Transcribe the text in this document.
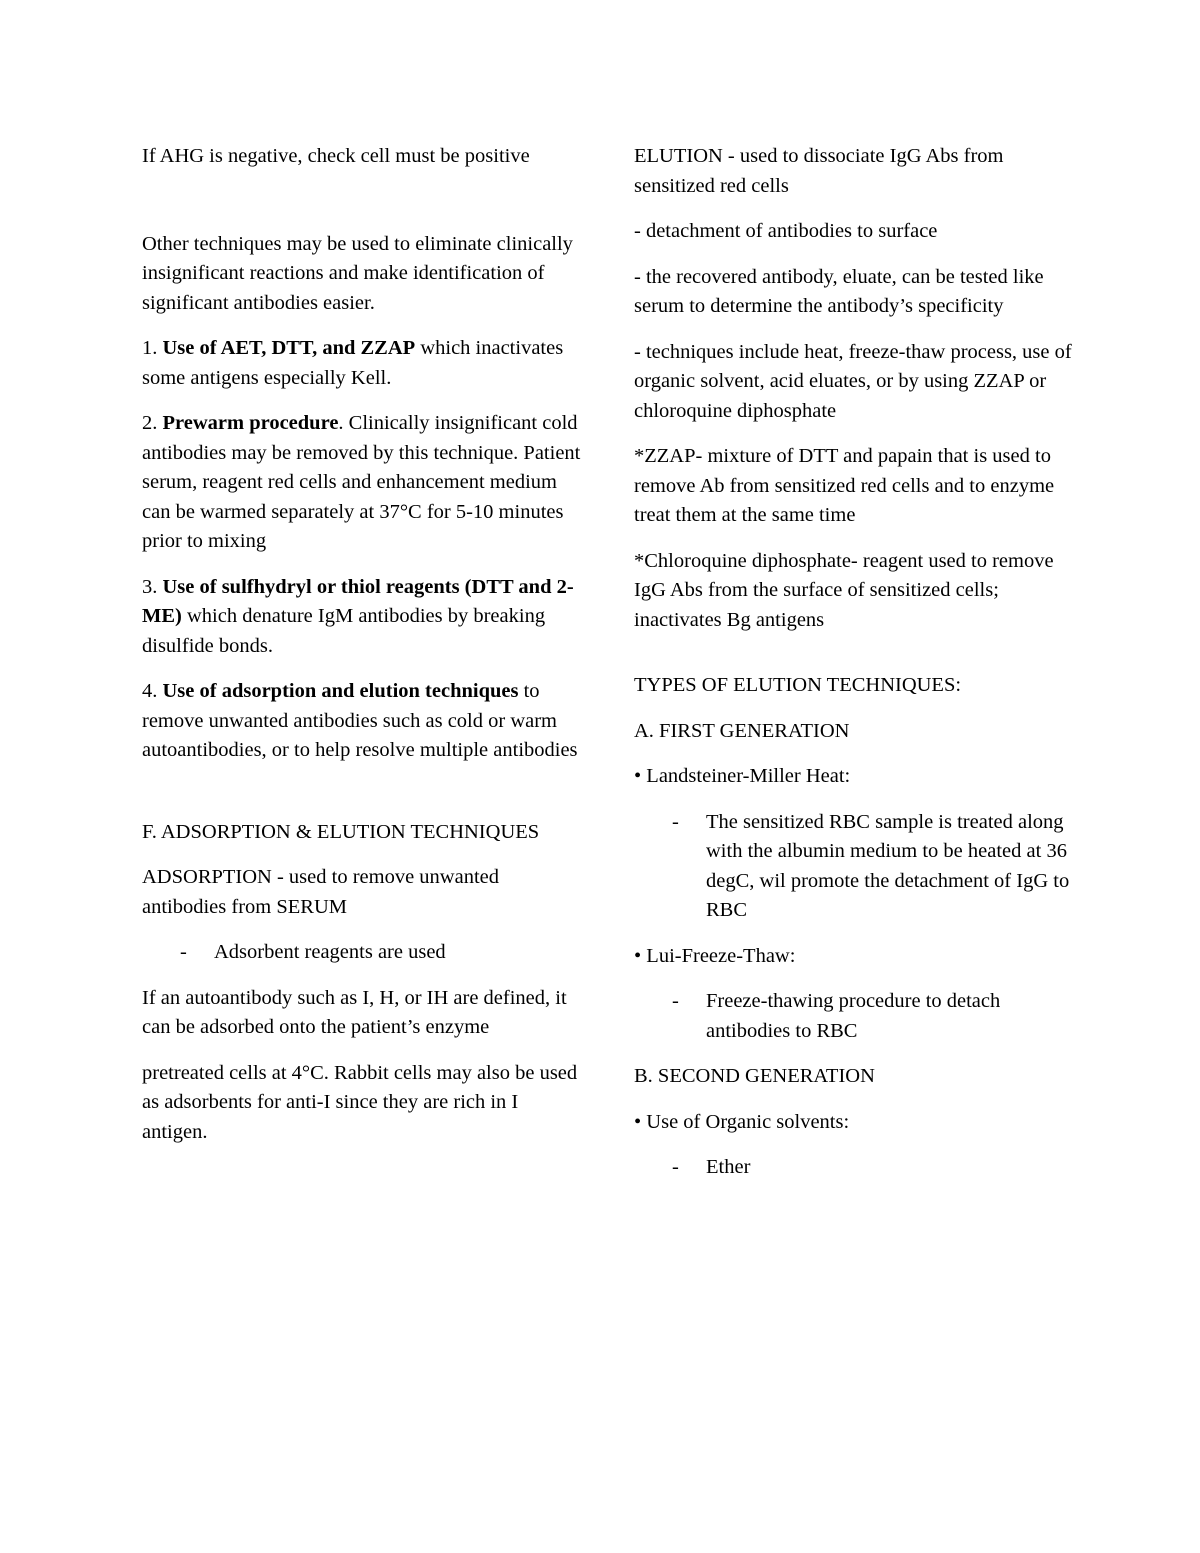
If AHG is negative, check cell must be positive

Other techniques may be used to eliminate clinically insignificant reactions and make identification of significant antibodies easier.

1. Use of AET, DTT, and ZZAP which inactivates some antigens especially Kell.

2. Prewarm procedure. Clinically insignificant cold antibodies may be removed by this technique. Patient serum, reagent red cells and enhancement medium can be warmed separately at 37°C for 5-10 minutes prior to mixing

3. Use of sulfhydryl or thiol reagents (DTT and 2-ME) which denature IgM antibodies by breaking disulfide bonds.

4. Use of adsorption and elution techniques to remove unwanted antibodies such as cold or warm autoantibodies, or to help resolve multiple antibodies

F. ADSORPTION & ELUTION TECHNIQUES

ADSORPTION - used to remove unwanted antibodies from SERUM

- Adsorbent reagents are used

If an autoantibody such as I, H, or IH are defined, it can be adsorbed onto the patient’s enzyme

pretreated cells at 4°C. Rabbit cells may also be used as adsorbents for anti-I since they are rich in I antigen.

ELUTION - used to dissociate IgG Abs from sensitized red cells

- detachment of antibodies to surface

- the recovered antibody, eluate, can be tested like serum to determine the antibody’s specificity

- techniques include heat, freeze-thaw process, use of organic solvent, acid eluates, or by using ZZAP or chloroquine diphosphate

*ZZAP- mixture of DTT and papain that is used to remove Ab from sensitized red cells and to enzyme treat them at the same time

*Chloroquine diphosphate- reagent used to remove IgG Abs from the surface of sensitized cells; inactivates Bg antigens

TYPES OF ELUTION TECHNIQUES:

A. FIRST GENERATION

• Landsteiner-Miller Heat:

- The sensitized RBC sample is treated along with the albumin medium to be heated at 36 degC, wil promote the detachment of IgG to RBC

• Lui-Freeze-Thaw:

- Freeze-thawing procedure to detach antibodies to RBC

B. SECOND GENERATION

• Use of Organic solvents:

- Ether
